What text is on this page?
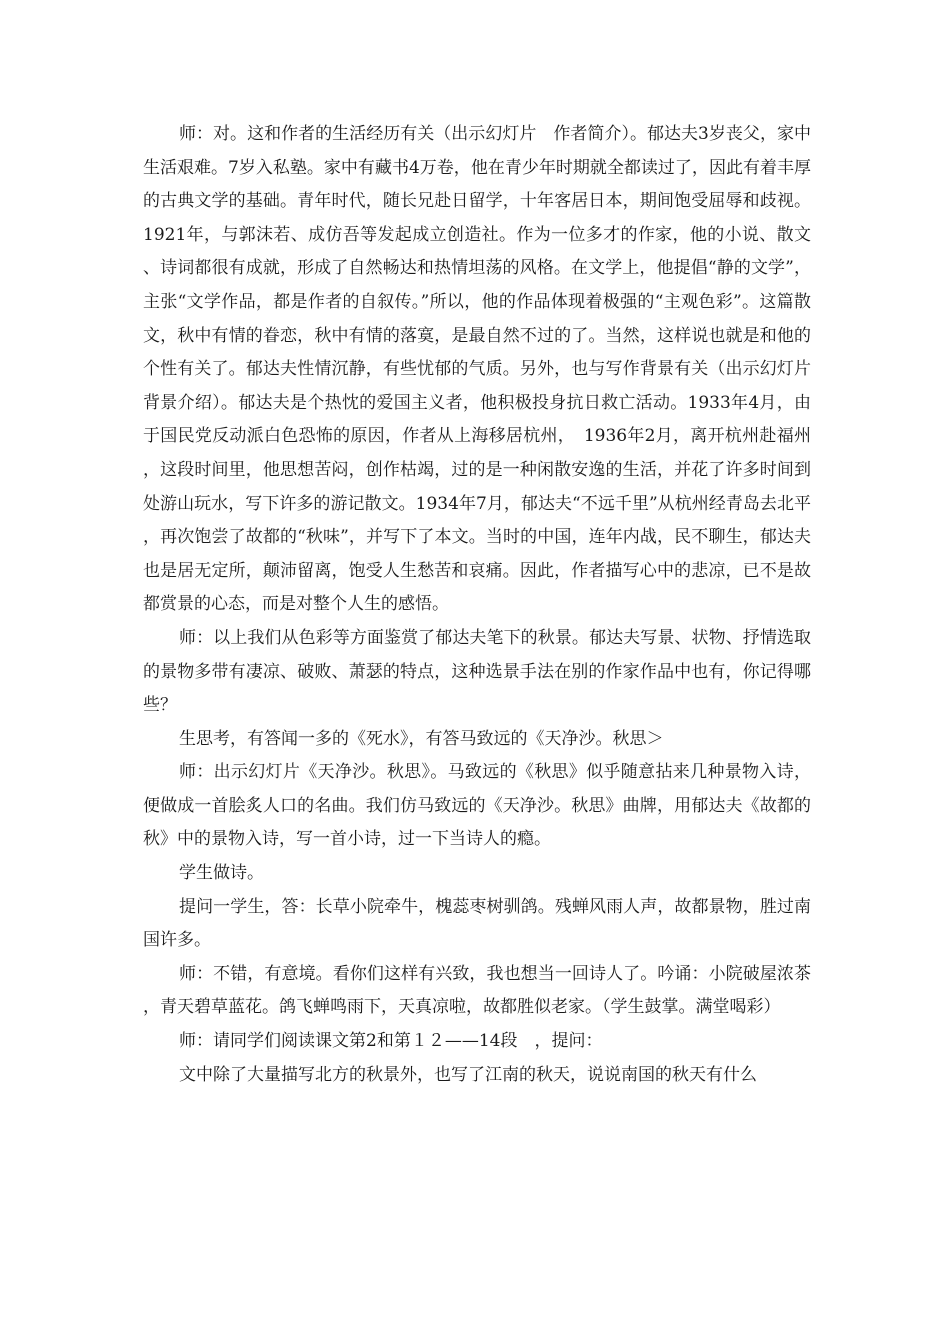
师：对。这和作者的生活经历有关（出示幻灯片　作者简介）。郁达夫3岁丧父，家中生活艰难。7岁入私塾。家中有藏书4万卷，他在青少年时期就全都读过了，因此有着丰厚的古典文学的基础。青年时代，随长兄赴日留学，十年客居日本，期间饱受屈辱和歧视。1921年，与郭沫若、成仿吾等发起成立创造社。作为一位多才的作家，他的小说、散文、诗词都很有成就，形成了自然畅达和热情坦荡的风格。在文学上，他提倡“静的文学”，主张“文学作品，都是作者的自叙传。”所以，他的作品体现着极强的“主观色彩”。这篇散文，秋中有情的眷恋，秋中有情的落寞，是最自然不过的了。当然，这样说也就是和他的个性有关了。郁达夫性情沉静，有些忧郁的气质。另外，也与写作背景有关（出示幻灯片　背景介绍）。郁达夫是个热忱的爱国主义者，他积极投身抗日救亡活动。1933年4月，由于国民党反动派白色恐怖的原因，作者从上海移居杭州，　1936年2月，离开杭州赴福州，这段时间里，他思想苦闷，创作枯竭，过的是一种闲散安逸的生活，并花了许多时间到处游山玩水，写下许多的游记散文。1934年7月，郁达夫“不远千里”从杭州经青岛去北平，再次饱尝了故都的“秋味”，并写下了本文。当时的中国，连年内战，民不聊生，郁达夫也是居无定所，颠沛留离，饱受人生愁苦和哀痛。因此，作者描写心中的悲凉，已不是故都赏景的心态，而是对整个人生的感悟。

师：以上我们从色彩等方面鉴赏了郁达夫笔下的秋景。郁达夫写景、状物、抒情选取的景物多带有凄凉、破败、萧瑟的特点，这种选景手法在别的作家作品中也有，你记得哪些？

生思考，有答闻一多的《死水》，有答马致远的《天净沙。秋思＞

师：出示幻灯片《天净沙。秋思》。马致远的《秋思》似乎随意拈来几种景物入诗，便做成一首脍炙人口的名曲。我们仿马致远的《天净沙。秋思》曲牌，用郁达夫《故都的秋》中的景物入诗，写一首小诗，过一下当诗人的瘾。

学生做诗。

提问一学生，答：长草小院牵牛，槐蕊枣树驯鸽。残蝉风雨人声，故都景物，胜过南国许多。

师：不错，有意境。看你们这样有兴致，我也想当一回诗人了。吟诵：小院破屋浓茶，青天碧草蓝花。鸽飞蝉鸣雨下，天真凉啦，故都胜似老家。（学生鼓掌。满堂喝彩）

师：请同学们阅读课文第2和第１２——14段　，提问：

文中除了大量描写北方的秋景外，也写了江南的秋天，说说南国的秋天有什么
